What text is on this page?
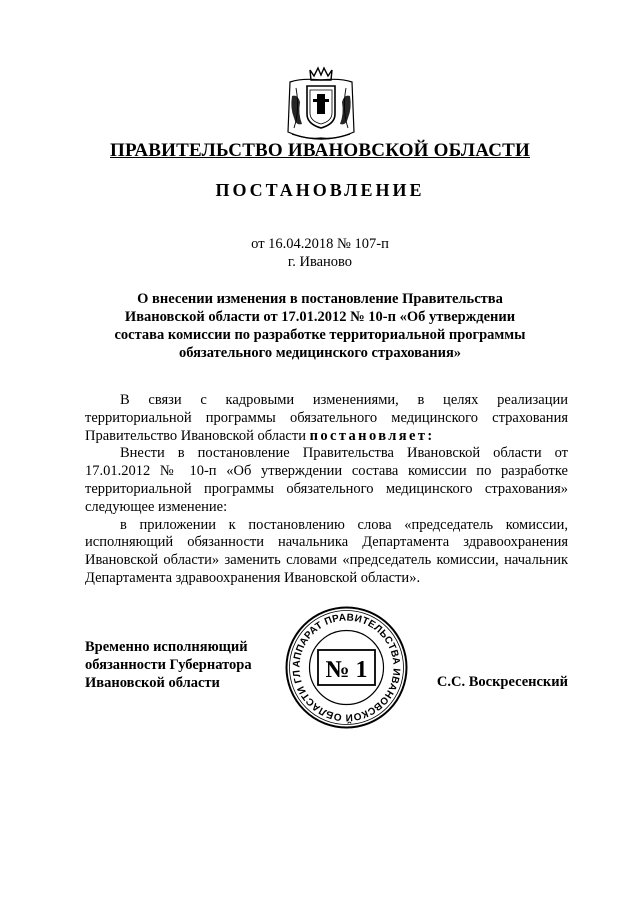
ПРАВИТЕЛЬСТВО ИВАНОВСКОЙ ОБЛАСТИ
ПОСТАНОВЛЕНИЕ
от 16.04.2018 № 107-п
г. Иваново
О внесении изменения в постановление Правительства
Ивановской области от 17.01.2012 № 10-п «Об утверждении
состава комиссии по разработке территориальной программы
обязательного медицинского страхования»

В связи с кадровыми изменениями, в целях реализации территориальной программы обязательного медицинского страхования Правительство Ивановской области постановляет:

Внести в постановление Правительства Ивановской области от 17.01.2012 № 10-п «Об утверждении состава комиссии по разработке территориальной программы обязательного медицинского страхования» следующее изменение:

в приложении к постановлению слова «председатель комиссии, исполняющий обязанности начальника Департамента здравоохранения Ивановской области» заменить словами «председатель комиссии, начальник Департамента здравоохранения Ивановской области».

Временно исполняющий
обязанности Губернатора
Ивановской области
АППАРАТ ПРАВИТЕЛЬСТВА ИВАНОВСКОЙ ОБЛАСТИ ГЛ № 1	С.С. Воскресенский
